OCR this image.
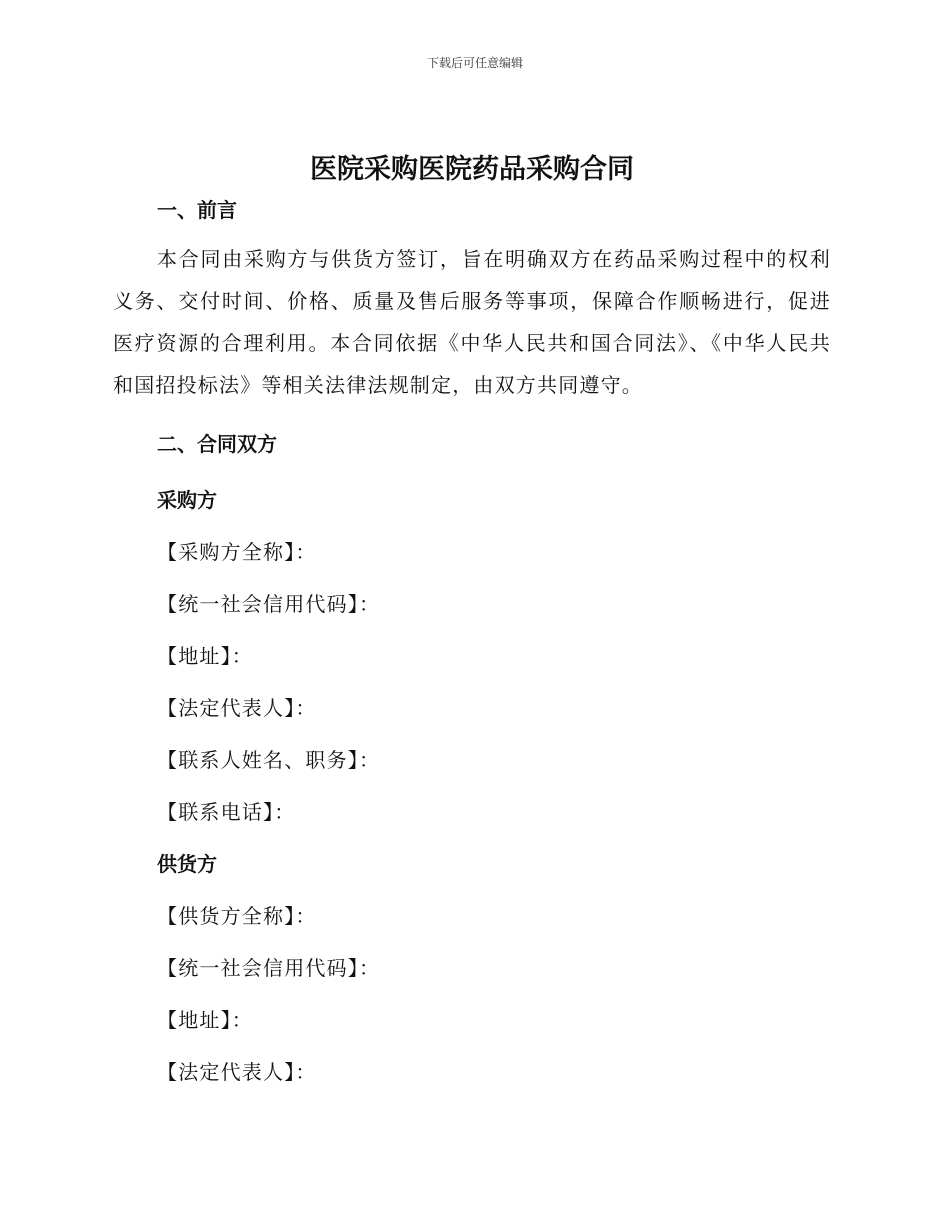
下载后可任意编辑
医院采购医院药品采购合同
一、前言

本合同由采购方与供货方签订，旨在明确双方在药品采购过程中的权利义务、交付时间、价格、质量及售后服务等事项，保障合作顺畅进行，促进医疗资源的合理利用。本合同依据《中华人民共和国合同法》、《中华人民共和国招投标法》等相关法律法规制定，由双方共同遵守。

二、合同双方
采购方
【采购方全称】：
【统一社会信用代码】：
【地址】：
【法定代表人】：
【联系人姓名、职务】：
【联系电话】：
供货方
【供货方全称】：
【统一社会信用代码】：
【地址】：
【法定代表人】：
